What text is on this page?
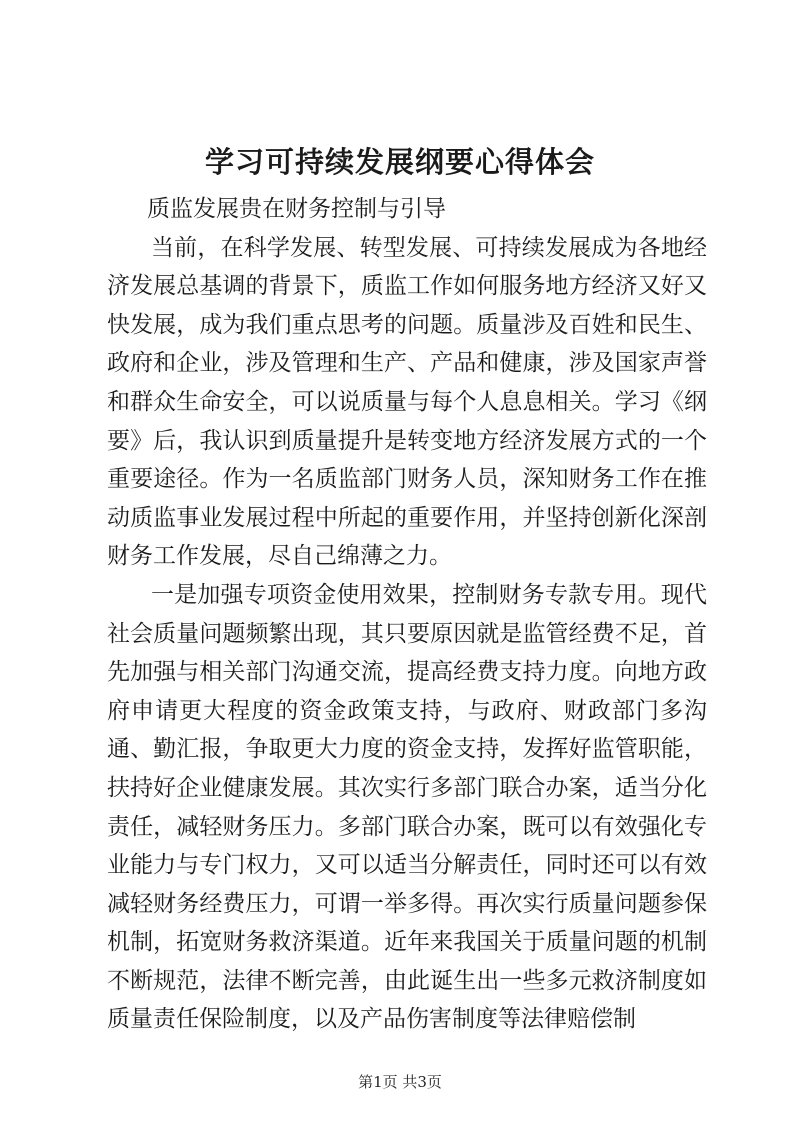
学习可持续发展纲要心得体会

质监发展贵在财务控制与引导

当前，在科学发展、转型发展、可持续发展成为各地经济发展总基调的背景下，质监工作如何服务地方经济又好又快发展，成为我们重点思考的问题。质量涉及百姓和民生、政府和企业，涉及管理和生产、产品和健康，涉及国家声誉和群众生命安全，可以说质量与每个人息息相关。学习《纲要》后，我认识到质量提升是转变地方经济发展方式的一个重要途径。作为一名质监部门财务人员，深知财务工作在推动质监事业发展过程中所起的重要作用，并坚持创新化深剖财务工作发展，尽自己绵薄之力。

一是加强专项资金使用效果，控制财务专款专用。现代社会质量问题频繁出现，其只要原因就是监管经费不足，首先加强与相关部门沟通交流，提高经费支持力度。向地方政府申请更大程度的资金政策支持，与政府、财政部门多沟通、勤汇报，争取更大力度的资金支持，发挥好监管职能，扶持好企业健康发展。其次实行多部门联合办案，适当分化责任，减轻财务压力。多部门联合办案，既可以有效强化专业能力与专门权力，又可以适当分解责任，同时还可以有效减轻财务经费压力，可谓一举多得。再次实行质量问题参保机制，拓宽财务救济渠道。近年来我国关于质量问题的机制不断规范，法律不断完善，由此诞生出一些多元救济制度如质量责任保险制度，以及产品伤害制度等法律赔偿制

第1页 共3页
